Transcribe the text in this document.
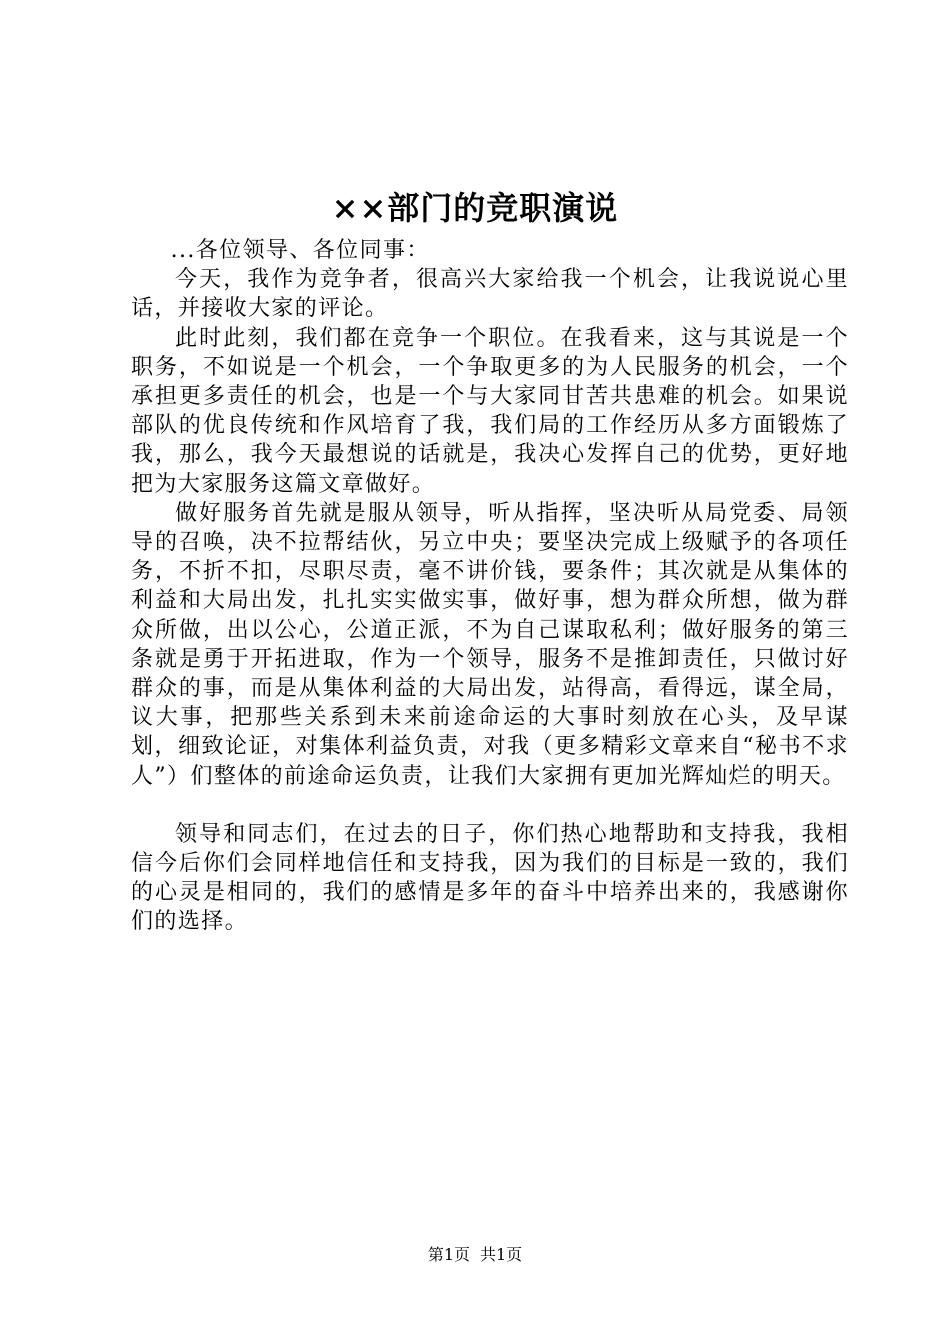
××部门的竞职演说

...各位领导、各位同事：

今天，我作为竞争者，很高兴大家给我一个机会，让我说说心里话，并接收大家的评论。

此时此刻，我们都在竞争一个职位。在我看来，这与其说是一个职务，不如说是一个机会，一个争取更多的为人民服务的机会，一个承担更多责任的机会，也是一个与大家同甘苦共患难的机会。如果说部队的优良传统和作风培育了我，我们局的工作经历从多方面锻炼了我，那么，我今天最想说的话就是，我决心发挥自己的优势，更好地把为大家服务这篇文章做好。

做好服务首先就是服从领导，听从指挥，坚决听从局党委、局领导的召唤，决不拉帮结伙，另立中央；要坚决完成上级赋予的各项任务，不折不扣，尽职尽责，毫不讲价钱，要条件；其次就是从集体的利益和大局出发，扎扎实实做实事，做好事，想为群众所想，做为群众所做，出以公心，公道正派，不为自己谋取私利；做好服务的第三条就是勇于开拓进取，作为一个领导，服务不是推卸责任，只做讨好群众的事，而是从集体利益的大局出发，站得高，看得远，谋全局，议大事，把那些关系到未来前途命运的大事时刻放在心头，及早谋划，细致论证，对集体利益负责，对我（更多精彩文章来自“秘书不求人”）们整体的前途命运负责，让我们大家拥有更加光辉灿烂的明天。

领导和同志们，在过去的日子，你们热心地帮助和支持我，我相信今后你们会同样地信任和支持我，因为我们的目标是一致的，我们的心灵是相同的，我们的感情是多年的奋斗中培养出来的，我感谢你们的选择。

第1页 共1页
